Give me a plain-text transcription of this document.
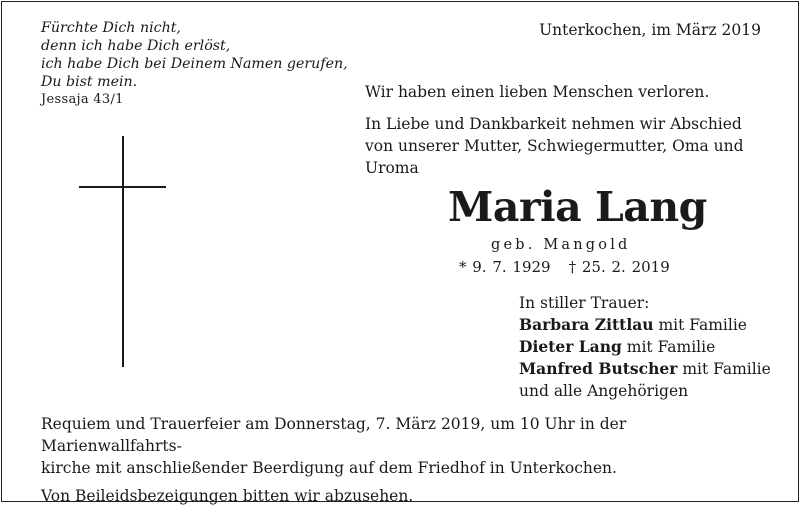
Fürchte Dich nicht,
denn ich habe Dich erlöst,
ich habe Dich bei Deinem Namen gerufen,
Du bist mein.
Jessaja 43/1
Unterkochen, im März 2019

Wir haben einen lieben Menschen verloren.

In Liebe und Dankbarkeit nehmen wir Abschied

von unserer Mutter, Schwiegermutter, Oma und

Uroma

Maria Lang
geb. Mangold
* 9. 7. 1929 † 25. 2. 2019
In stiller Trauer:
Barbara Zittlau mit Familie
Dieter Lang mit Familie
Manfred Butscher mit Familie
und alle Angehörigen

Requiem und Trauerfeier am Donnerstag, 7. März 2019, um 10 Uhr in der Marienwallfahrts-

kirche mit anschließender Beerdigung auf dem Friedhof in Unterkochen.

Von Beileidsbezeigungen bitten wir abzusehen.
